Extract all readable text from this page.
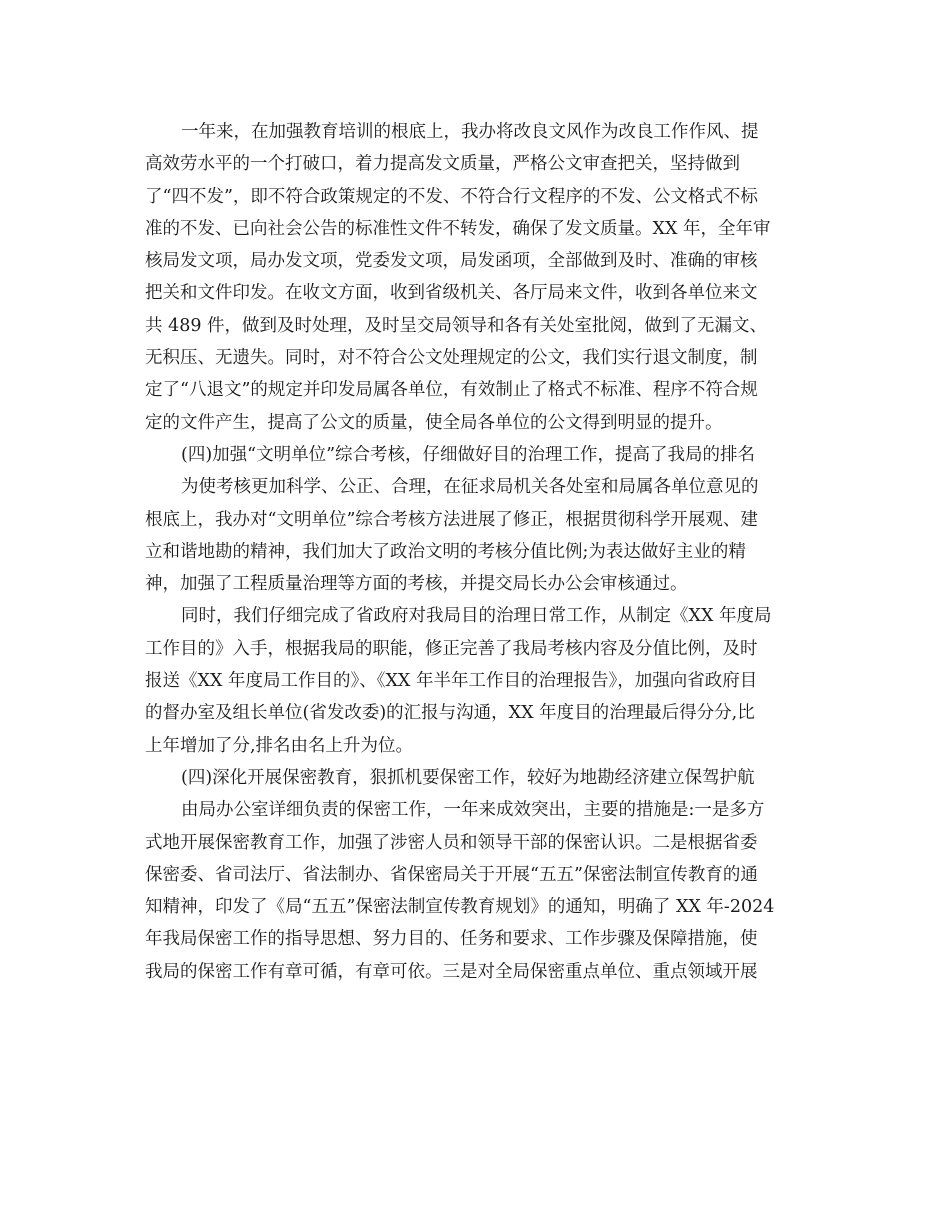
一年来，在加强教育培训的根底上，我办将改良文风作为改良工作作风、提
高效劳水平的一个打破口，着力提高发文质量，严格公文审查把关，坚持做到
了“四不发”，即不符合政策规定的不发、不符合行文程序的不发、公文格式不标
准的不发、已向社会公告的标准性文件不转发，确保了发文质量。XX 年，全年审
核局发文项，局办发文项，党委发文项，局发函项，全部做到及时、准确的审核
把关和文件印发。在收文方面，收到省级机关、各厅局来文件，收到各单位来文
共 489 件，做到及时处理，及时呈交局领导和各有关处室批阅，做到了无漏文、
无积压、无遗失。同时，对不符合公文处理规定的公文，我们实行退文制度，制
定了“八退文”的规定并印发局属各单位，有效制止了格式不标准、程序不符合规
定的文件产生，提高了公文的质量，使全局各单位的公文得到明显的提升。
(四)加强“文明单位”综合考核，仔细做好目的治理工作，提高了我局的排名
为使考核更加科学、公正、合理，在征求局机关各处室和局属各单位意见的
根底上，我办对“文明单位”综合考核方法进展了修正，根据贯彻科学开展观、建
立和谐地勘的精神，我们加大了政治文明的考核分值比例;为表达做好主业的精
神，加强了工程质量治理等方面的考核，并提交局长办公会审核通过。
同时，我们仔细完成了省政府对我局目的治理日常工作，从制定《XX 年度局
工作目的》入手，根据我局的职能，修正完善了我局考核内容及分值比例，及时
报送《XX 年度局工作目的》、《XX 年半年工作目的治理报告》，加强向省政府目
的督办室及组长单位(省发改委)的汇报与沟通，XX 年度目的治理最后得分分,比
上年增加了分,排名由名上升为位。
(四)深化开展保密教育，狠抓机要保密工作，较好为地勘经济建立保驾护航
由局办公室详细负责的保密工作，一年来成效突出，主要的措施是:一是多方
式地开展保密教育工作，加强了涉密人员和领导干部的保密认识。二是根据省委
保密委、省司法厅、省法制办、省保密局关于开展“五五”保密法制宣传教育的通
知精神，印发了《局“五五”保密法制宣传教育规划》的通知，明确了 XX 年-2024
年我局保密工作的指导思想、努力目的、任务和要求、工作步骤及保障措施，使
我局的保密工作有章可循，有章可依。三是对全局保密重点单位、重点领域开展
